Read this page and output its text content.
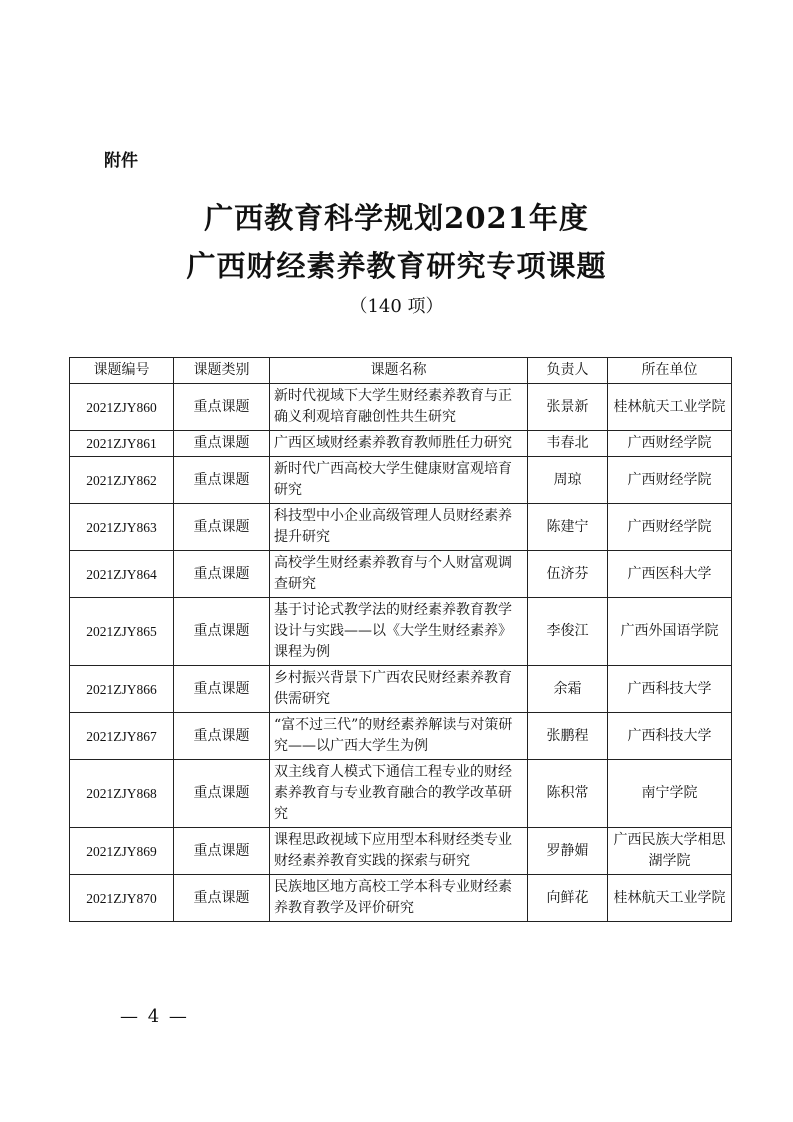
附件
广西教育科学规划2021年度
广西财经素养教育研究专项课题
（140 项）
课题编号	课题类别	课题名称	负责人	所在单位
2021ZJY860	重点课题	新时代视域下大学生财经素养教育与正确义利观培育融创性共生研究	张景新	桂林航天工业学院
2021ZJY861	重点课题	广西区域财经素养教育教师胜任力研究	韦春北	广西财经学院
2021ZJY862	重点课题	新时代广西高校大学生健康财富观培育研究	周琼	广西财经学院
2021ZJY863	重点课题	科技型中小企业高级管理人员财经素养提升研究	陈建宁	广西财经学院
2021ZJY864	重点课题	高校学生财经素养教育与个人财富观调查研究	伍济芬	广西医科大学
2021ZJY865	重点课题	基于讨论式教学法的财经素养教育教学设计与实践——以《大学生财经素养》课程为例	李俊江	广西外国语学院
2021ZJY866	重点课题	乡村振兴背景下广西农民财经素养教育供需研究	余霜	广西科技大学
2021ZJY867	重点课题	“富不过三代”的财经素养解读与对策研究——以广西大学生为例	张鹏程	广西科技大学
2021ZJY868	重点课题	双主线育人模式下通信工程专业的财经素养教育与专业教育融合的教学改革研究	陈积常	南宁学院
2021ZJY869	重点课题	课程思政视域下应用型本科财经类专业财经素养教育实践的探索与研究	罗静媚	广西民族大学相思湖学院
2021ZJY870	重点课题	民族地区地方高校工学本科专业财经素养教育教学及评价研究	向鲜花	桂林航天工业学院
— 4 —
